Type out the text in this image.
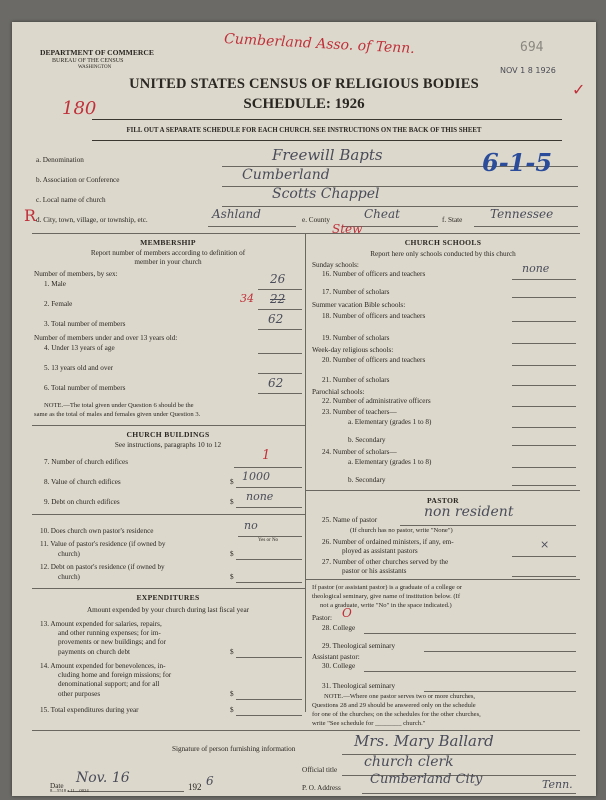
DEPARTMENT OF COMMERCE
BUREAU OF THE CENSUS
WASHINGTON
Cumberland Asso. of Tenn.	694
NOV 1 8 1926
✓
UNITED STATES CENSUS OF RELIGIOUS BODIES
180	SCHEDULE: 1926
FILL OUT A SEPARATE SCHEDULE FOR EACH CHURCH. SEE INSTRUCTIONS ON THE BACK OF THIS SHEET
a. Denomination	Freewill Bapts	6-1-5
b. Association or Conference	Cumberland
c. Local name of church	Scotts Chappel
R d. City, town, village, or township, etc.	Ashland	e. County	Cheat
Stew
f. State Tennessee
MEMBERSHIP
Report number of members according to definition of
member in your church
Number of members, by sex:
1. Male	26
2. Female	34 22
3. Total number of members	62
Number of members under and over 13 years old:
4. Under 13 years of age
5. 13 years old and over
6. Total number of members	62
NOTE.—The total given under Question 6 should be the
same as the total of males and females given under Question 3.
CHURCH BUILDINGS
See instructions, paragraphs 10 to 12
7. Number of church edifices	1
8. Value of church edifices	$ 1000
9. Debt on church edifices	$ none
10. Does church own pastor's residence	no
Yes or No
11. Value of pastor's residence (if owned by
church)	$
12. Debt on pastor's residence (if owned by
church)	$
EXPENDITURES
Amount expended by your church during last fiscal year
13. Amount expended for salaries, repairs,
and other running expenses; for im-
provements or new buildings; and for
payments on church debt	$
14. Amount expended for benevolences, in-
cluding home and foreign missions; for
denominational support; and for all
other purposes	$
15. Total expenditures during year	$
CHURCH SCHOOLS
Report here only schools conducted by this church
Sunday schools:
16. Number of officers and teachers	none
17. Number of scholars
Summer vacation Bible schools:
18. Number of officers and teachers
19. Number of scholars
Week-day religious schools:
20. Number of officers and teachers
21. Number of scholars
Parochial schools:
22. Number of administrative officers
23. Number of teachers—
a. Elementary (grades 1 to 8)
b. Secondary
24. Number of scholars—
a. Elementary (grades 1 to 8)
b. Secondary
PASTOR
25. Name of pastor	non resident
(If church has no pastor, write "None")
26. Number of ordained ministers, if any, em-
ployed as assistant pastors	×
27. Number of other churches served by the
pastor or his assistants
If pastor (or assistant pastor) is a graduate of a college or
theological seminary, give name of institution below. (If
not a graduate, write "No" in the space indicated.)
Pastor: O
28. College
29. Theological seminary
Assistant pastor:
30. College
31. Theological seminary
NOTE.—Where one pastor serves two or more churches,
Questions 28 and 29 should be answered only on the schedule
for one of the churches; on the schedules for the other churches,
write "See schedule for ________ church."
Signature of person furnishing information	Mrs. Mary Ballard
Official title church clerk
Date Nov. 16
192 6	P. O. Address
Cumberland City	Tenn.
8—5518 a 11—0024
